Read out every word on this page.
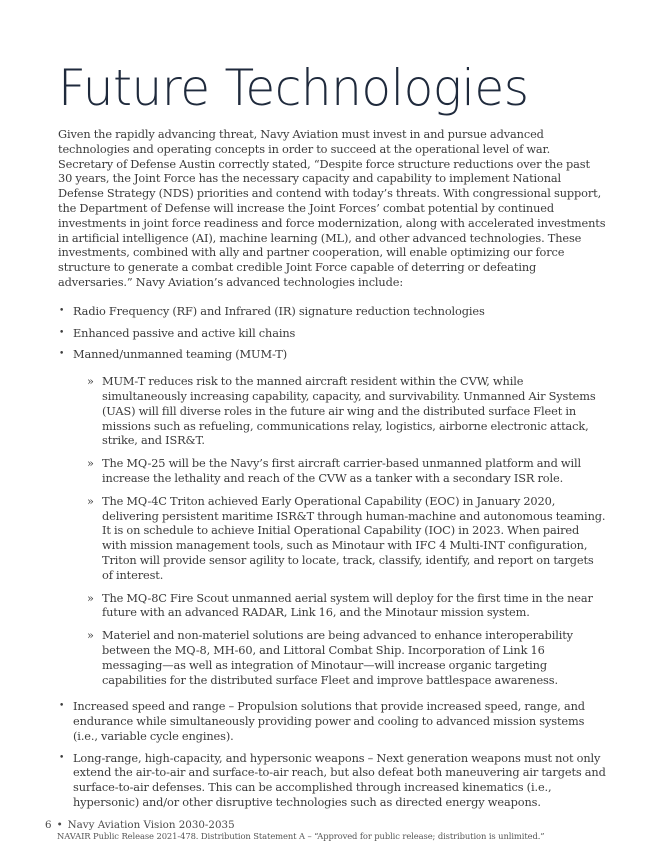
Future Technologies

Given the rapidly advancing threat, Navy Aviation must invest in and pursue advanced technologies and operating concepts in order to succeed at the operational level of war. Secretary of Defense Austin correctly stated, “Despite force structure reductions over the past 30 years, the Joint Force has the necessary capacity and capability to implement National Defense Strategy (NDS) priorities and contend with today’s threats. With congressional support, the Department of Defense will increase the Joint Forces’ combat potential by continued investments in joint force readiness and force modernization, along with accelerated investments in artificial intelligence (AI), machine learning (ML), and other advanced technologies. These investments, combined with ally and partner cooperation, will enable optimizing our force structure to generate a combat credible Joint Force capable of deterring or defeating adversaries.” Navy Aviation’s advanced technologies include:

• Radio Frequency (RF) and Infrared (IR) signature reduction technologies
• Enhanced passive and active kill chains
• Manned/unmanned teaming (MUM-T)
» MUM-T reduces risk to the manned aircraft resident within the CVW, while simultaneously increasing capability, capacity, and survivability. Unmanned Air Systems (UAS) will fill diverse roles in the future air wing and the distributed surface Fleet in missions such as refueling, communications relay, logistics, airborne electronic attack, strike, and ISR&T.
» The MQ-25 will be the Navy’s first aircraft carrier-based unmanned platform and will increase the lethality and reach of the CVW as a tanker with a secondary ISR role.
» The MQ-4C Triton achieved Early Operational Capability (EOC) in January 2020, delivering persistent maritime ISR&T through human-machine and autonomous teaming. It is on schedule to achieve Initial Operational Capability (IOC) in 2023. When paired with mission management tools, such as Minotaur with IFC 4 Multi-INT configuration, Triton will provide sensor agility to locate, track, classify, identify, and report on targets of interest.
» The MQ-8C Fire Scout unmanned aerial system will deploy for the first time in the near future with an advanced RADAR, Link 16, and the Minotaur mission system.
» Materiel and non-materiel solutions are being advanced to enhance interoperability between the MQ-8, MH-60, and Littoral Combat Ship. Incorporation of Link 16 messaging—as well as integration of Minotaur—will increase organic targeting capabilities for the distributed surface Fleet and improve battlespace awareness.
• Increased speed and range – Propulsion solutions that provide increased speed, range, and endurance while simultaneously providing power and cooling to advanced mission systems (i.e., variable cycle engines).
• Long-range, high-capacity, and hypersonic weapons – Next generation weapons must not only extend the air-to-air and surface-to-air reach, but also defeat both maneuvering air targets and surface-to-air defenses. This can be accomplished through increased kinematics (i.e., hypersonic) and/or other disruptive technologies such as directed energy weapons.
6 • Navy Aviation Vision 2030-2035
NAVAIR Public Release 2021-478. Distribution Statement A – “Approved for public release; distribution is unlimited.”
